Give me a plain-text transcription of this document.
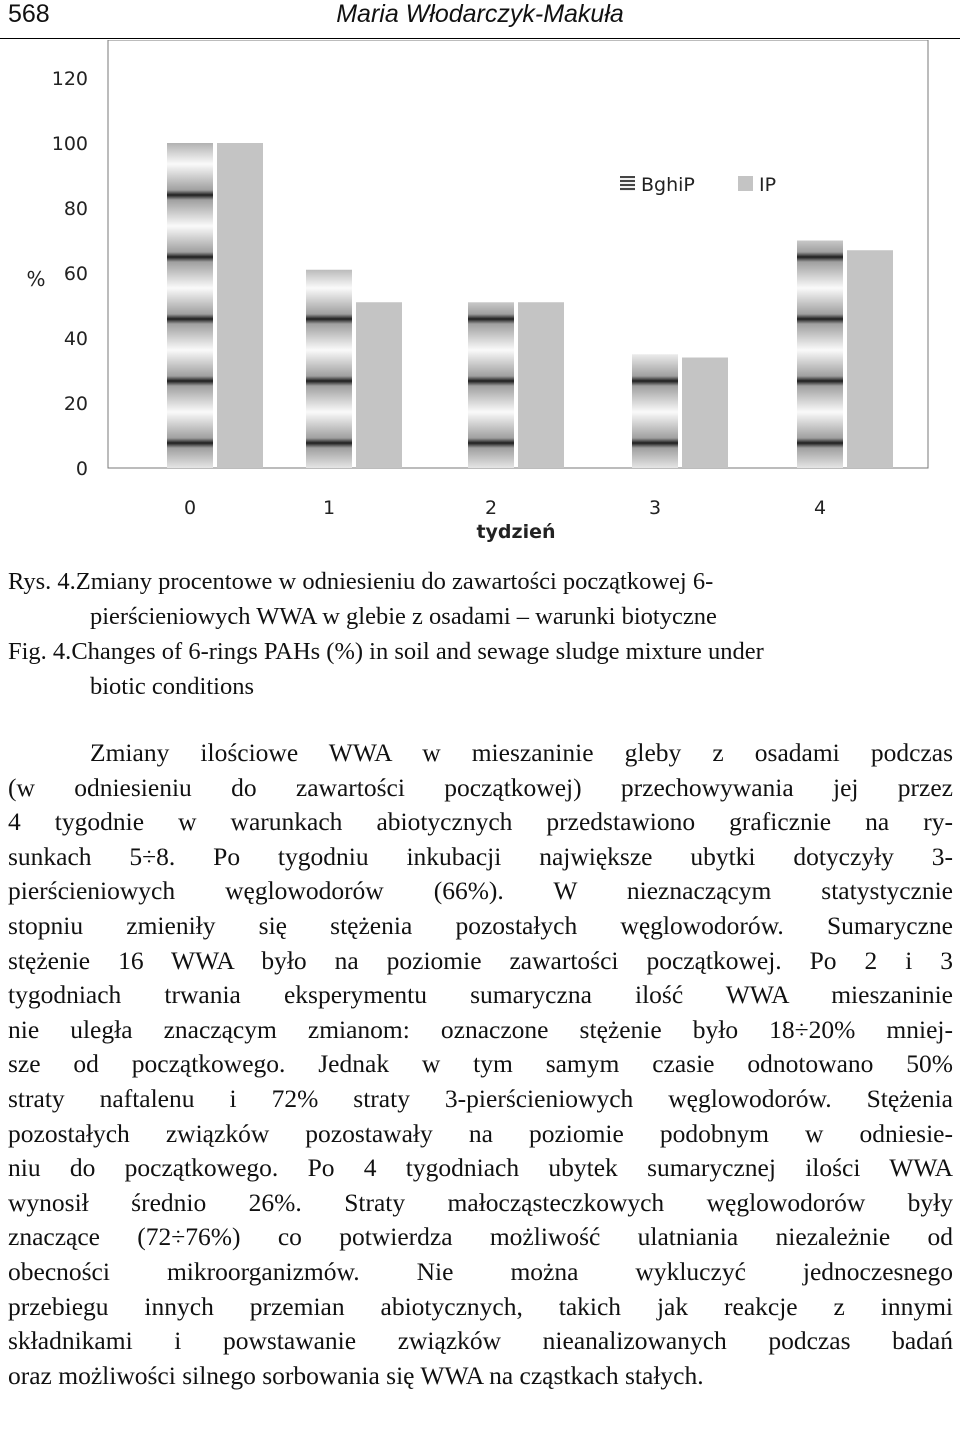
568	Maria Włodarczyk-Makuła
0
20
40
60
80
100
120
%
0	1	2	3	4
tydzień
BghiP	IP
Rys. 4. Zmiany procentowe w odniesieniu do zawartości początkowej 6-
pierścieniowych WWA w glebie z osadami – warunki biotyczne
Fig. 4. Changes of 6-rings PAHs (%) in soil and sewage sludge mixture under
biotic conditions
Zmiany ilościowe WWA w mieszaninie gleby z osadami podczas
(w odniesieniu do zawartości początkowej) przechowywania jej przez
4 tygodnie w warunkach abiotycznych przedstawiono graficznie na ry-
sunkach 5÷8. Po tygodniu inkubacji największe ubytki dotyczyły 3-
pierścieniowych węglowodorów (66%). W nieznaczącym statystycznie
stopniu zmieniły się stężenia pozostałych węglowodorów. Sumaryczne
stężenie 16 WWA było na poziomie zawartości początkowej. Po 2 i 3
tygodniach trwania eksperymentu sumaryczna ilość WWA mieszaninie
nie uległa znaczącym zmianom: oznaczone stężenie było 18÷20% mniej-
sze od początkowego. Jednak w tym samym czasie odnotowano 50%
straty naftalenu i 72% straty 3-pierścieniowych węglowodorów. Stężenia
pozostałych związków pozostawały na poziomie podobnym w odniesie-
niu do początkowego. Po 4 tygodniach ubytek sumarycznej ilości WWA
wynosił średnio 26%. Straty małocząsteczkowych węglowodorów były
znaczące (72÷76%) co potwierdza możliwość ulatniania niezależnie od
obecności mikroorganizmów. Nie można wykluczyć jednoczesnego
przebiegu innych przemian abiotycznych, takich jak reakcje z innymi
składnikami i powstawanie związków nieanalizowanych podczas badań
oraz możliwości silnego sorbowania się WWA na cząstkach stałych.
